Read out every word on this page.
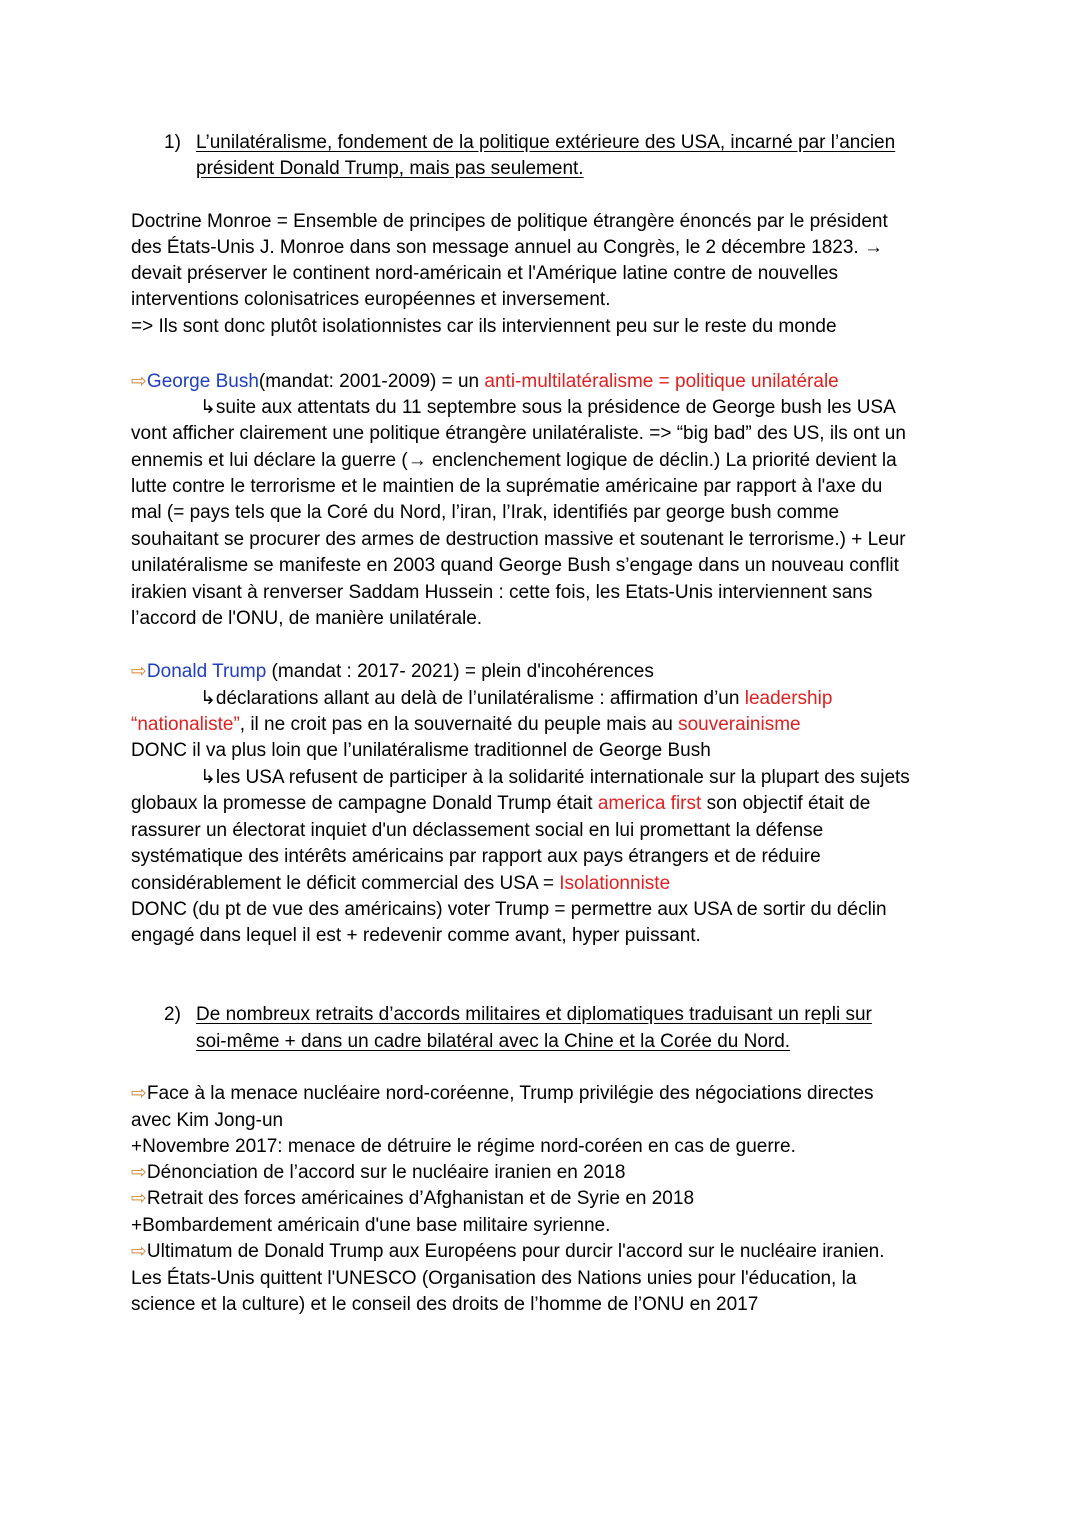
1) L’unilatéralisme, fondement de la politique extérieure des USA, incarné par l’ancien
président Donald Trump, mais pas seulement.
Doctrine Monroe = Ensemble de principes de politique étrangère énoncés par le président
des États-Unis J. Monroe dans son message annuel au Congrès, le 2 décembre 1823. →
devait préserver le continent nord-américain et l'Amérique latine contre de nouvelles
interventions colonisatrices européennes et inversement.
=> Ils sont donc plutôt isolationnistes car ils interviennent peu sur le reste du monde
⇨George Bush(mandat: 2001-2009) = un anti-multilatéralisme = politique unilatérale
↳suite aux attentats du 11 septembre sous la présidence de George bush les USA
vont afficher clairement une politique étrangère unilatéraliste. => “big bad” des US, ils ont un
ennemis et lui déclare la guerre (→ enclenchement logique de déclin.) La priorité devient la
lutte contre le terrorisme et le maintien de la suprématie américaine par rapport à l'axe du
mal (= pays tels que la Coré du Nord, l’iran, l’Irak, identifiés par george bush comme
souhaitant se procurer des armes de destruction massive et soutenant le terrorisme.) + Leur
unilatéralisme se manifeste en 2003 quand George Bush s’engage dans un nouveau conflit
irakien visant à renverser Saddam Hussein : cette fois, les Etats-Unis interviennent sans
l’accord de l'ONU, de manière unilatérale.
⇨Donald Trump (mandat : 2017- 2021) = plein d'incohérences
↳déclarations allant au delà de l’unilatéralisme : affirmation d’un leadership
“nationaliste”, il ne croit pas en la souvernaité du peuple mais au souverainisme
DONC il va plus loin que l’unilatéralisme traditionnel de George Bush
↳les USA refusent de participer à la solidarité internationale sur la plupart des sujets
globaux la promesse de campagne Donald Trump était america first son objectif était de
rassurer un électorat inquiet d'un déclassement social en lui promettant la défense
systématique des intérêts américains par rapport aux pays étrangers et de réduire
considérablement le déficit commercial des USA = Isolationniste
DONC (du pt de vue des américains) voter Trump = permettre aux USA de sortir du déclin
engagé dans lequel il est + redevenir comme avant, hyper puissant.
2) De nombreux retraits d’accords militaires et diplomatiques traduisant un repli sur
soi-même + dans un cadre bilatéral avec la Chine et la Corée du Nord.
⇨Face à la menace nucléaire nord-coréenne, Trump privilégie des négociations directes
avec Kim Jong-un
+Novembre 2017: menace de détruire le régime nord-coréen en cas de guerre.
⇨Dénonciation de l’accord sur le nucléaire iranien en 2018
⇨Retrait des forces américaines d’Afghanistan et de Syrie en 2018
+Bombardement américain d'une base militaire syrienne.
⇨Ultimatum de Donald Trump aux Européens pour durcir l'accord sur le nucléaire iranien.
Les États-Unis quittent l'UNESCO (Organisation des Nations unies pour l'éducation, la
science et la culture) et le conseil des droits de l’homme de l’ONU en 2017
